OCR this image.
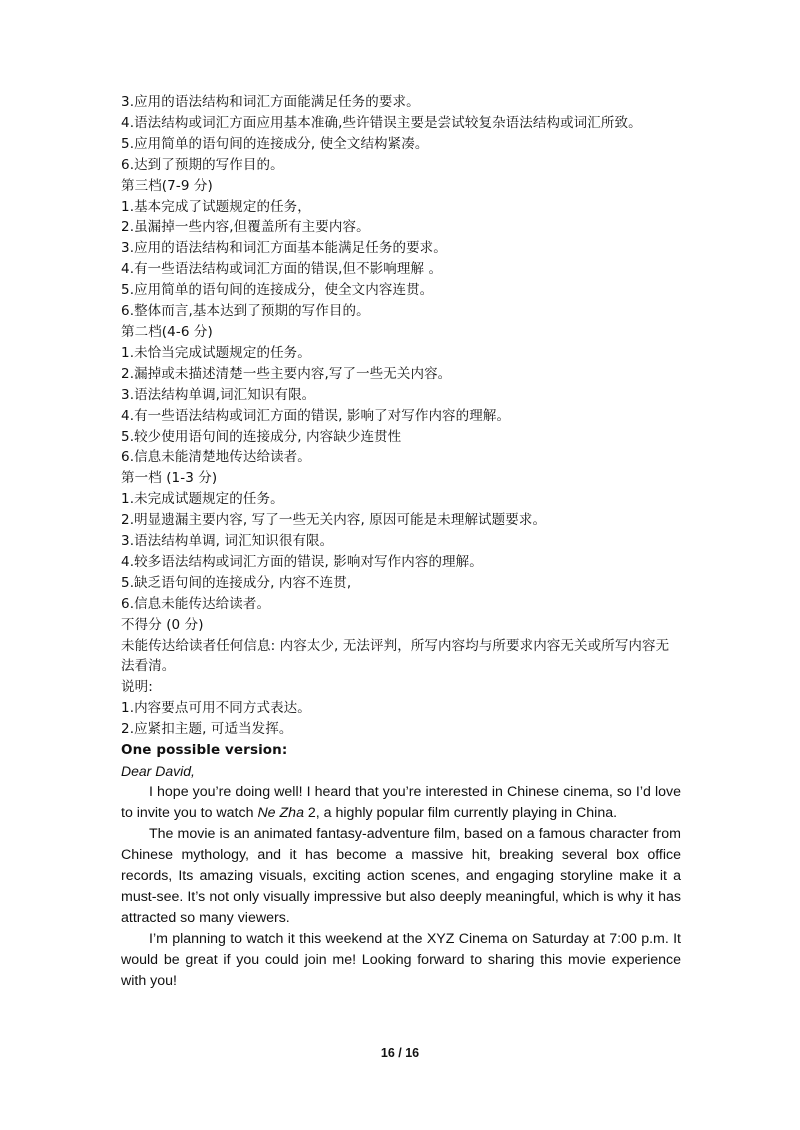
3.应用的语法结构和词汇方面能满足任务的要求。
4.语法结构或词汇方面应用基本准确,些许错误主要是尝试较复杂语法结构或词汇所致。
5.应用简单的语句间的连接成分, 使全文结构紧凑。
6.达到了预期的写作目的。
第三档(7-9 分)
1.基本完成了试题规定的任务，
2.虽漏掉一些内容,但覆盖所有主要内容。
3.应用的语法结构和词汇方面基本能满足任务的要求。
4.有一些语法结构或词汇方面的错误,但不影响理解 。
5.应用简单的语句间的连接成分，使全文内容连贯。
6.整体而言,基本达到了预期的写作目的。
第二档(4-6 分)
1.未恰当完成试题规定的任务。
2.漏掉或未描述清楚一些主要内容,写了一些无关内容。
3.语法结构单调,词汇知识有限。
4.有一些语法结构或词汇方面的错误, 影响了对写作内容的理解。
5.较少使用语句间的连接成分, 内容缺少连贯性
6.信息未能清楚地传达给读者。
第一档 (1-3 分)
1.未完成试题规定的任务。
2.明显遗漏主要内容, 写了一些无关内容, 原因可能是未理解试题要求。
3.语法结构单调, 词汇知识很有限。
4.较多语法结构或词汇方面的错误, 影响对写作内容的理解。
5.缺乏语句间的连接成分, 内容不连贯,
6.信息未能传达给读者。
不得分 (0 分)
未能传达给读者任何信息: 内容太少, 无法评判，所写内容均与所要求内容无关或所写内容无法看清。
说明:
1.内容要点可用不同方式表达。
2.应紧扣主题, 可适当发挥。
One possible version:
Dear David,

I hope you’re doing well! I heard that you’re interested in Chinese cinema, so I’d love to invite you to watch Ne Zha 2, a highly popular film currently playing in China.

The movie is an animated fantasy-adventure film, based on a famous character from Chinese mythology, and it has become a massive hit, breaking several box office records, Its amazing visuals, exciting action scenes, and engaging storyline make it a must-see. It’s not only visually impressive but also deeply meaningful, which is why it has attracted so many viewers.

I’m planning to watch it this weekend at the XYZ Cinema on Saturday at 7:00 p.m. It would be great if you could join me! Looking forward to sharing this movie experience with you!

16 / 16
